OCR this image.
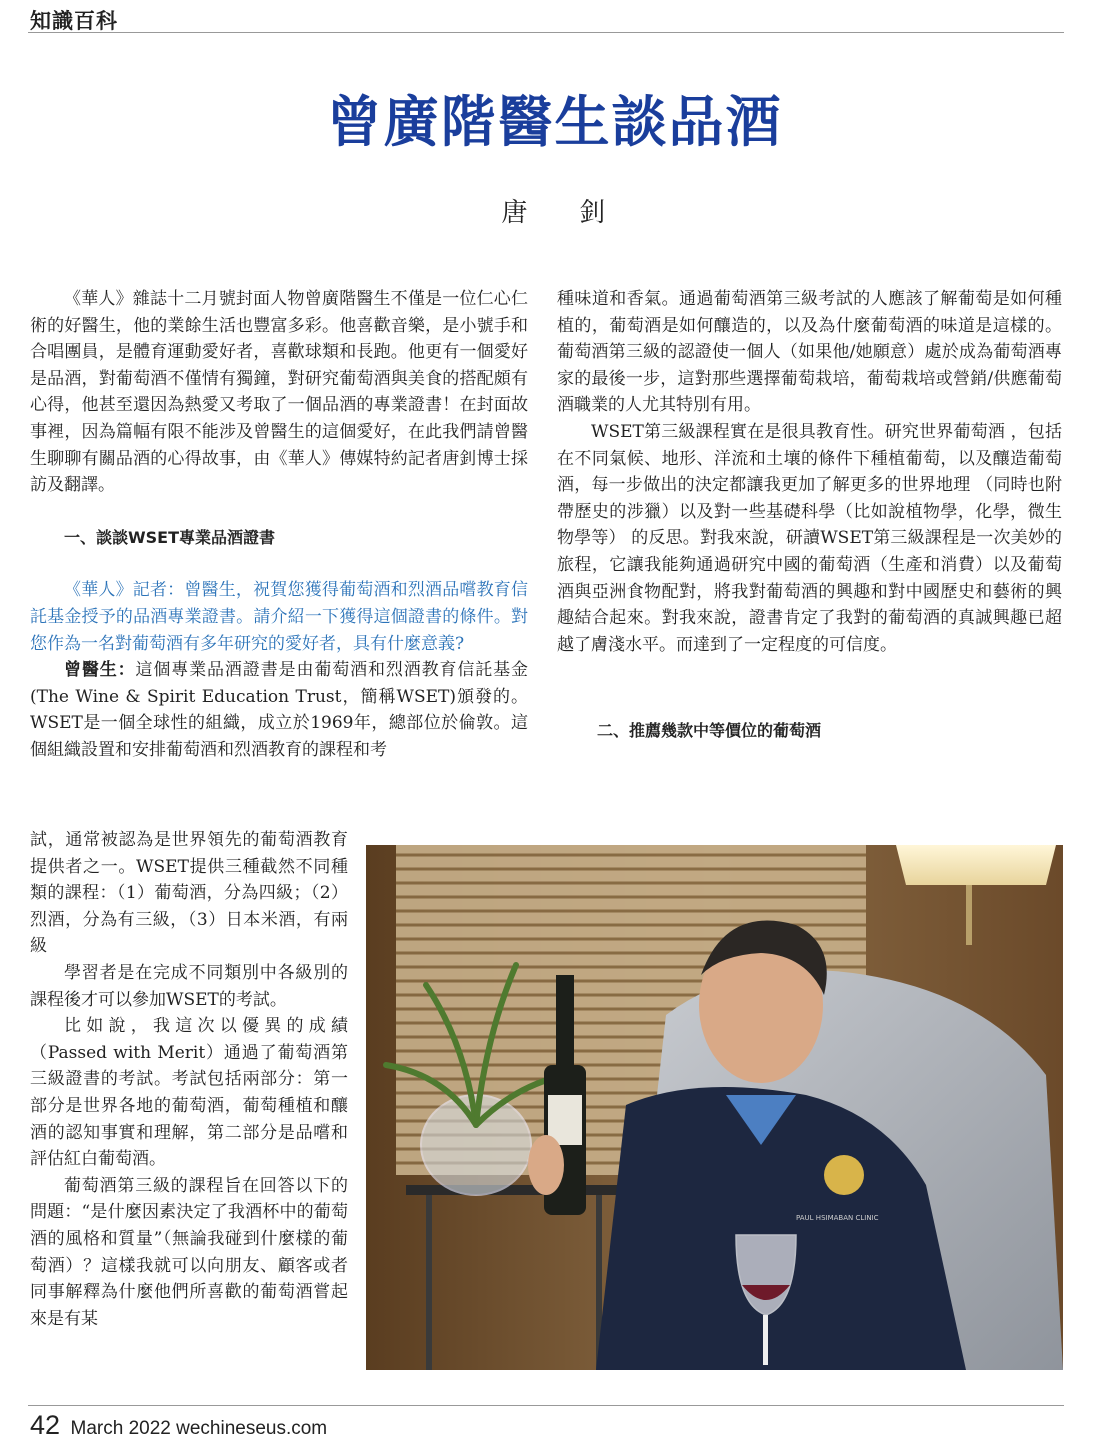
知識百科
曾廣階醫生談品酒
唐 釗

《華人》雜誌十二月號封面人物曾廣階醫生不僅是一位仁心仁術的好醫生，他的業餘生活也豐富多彩。他喜歡音樂，是小號手和合唱團員，是體育運動愛好者，喜歡球類和長跑。他更有一個愛好是品酒，對葡萄酒不僅情有獨鐘，對研究葡萄酒與美食的搭配頗有心得，他甚至還因為熱愛又考取了一個品酒的專業證書！在封面故事裡，因為篇幅有限不能涉及曾醫生的這個愛好，在此我們請曾醫生聊聊有關品酒的心得故事，由《華人》傳媒特約記者唐釗博士採訪及翻譯。

一、談談WSET專業品酒證書

《華人》記者：曾醫生，祝賀您獲得葡萄酒和烈酒品嚐教育信託基金授予的品酒專業證書。請介紹一下獲得這個證書的條件。對您作為一名對葡萄酒有多年研究的愛好者，具有什麼意義?

曾醫生：這個專業品酒證書是由葡萄酒和烈酒教育信託基金(The Wine & Spirit Education Trust，簡稱WSET)頒發的。WSET是一個全球性的組織，成立於1969年，總部位於倫敦。這個組織設置和安排葡萄酒和烈酒教育的課程和考

試，通常被認為是世界領先的葡萄酒教育提供者之一。WSET提供三種截然不同種類的課程：（1）葡萄酒，分為四級；（2）烈酒，分為有三級，（3）日本米酒，有兩級

學習者是在完成不同類別中各級別的課程後才可以參加WSET的考試。

比如說，我這次以優異的成績（Passed with Merit）通過了葡萄酒第三級證書的考試。考試包括兩部分：第一部分是世界各地的葡萄酒，葡萄種植和釀酒的認知事實和理解，第二部分是品嚐和評估紅白葡萄酒。

葡萄酒第三級的課程旨在回答以下的問題：“是什麼因素決定了我酒杯中的葡萄酒的風格和質量”（無論我碰到什麼樣的葡萄酒）？這樣我就可以向朋友、顧客或者同事解釋為什麼他們所喜歡的葡萄酒嘗起來是有某

種味道和香氣。通過葡萄酒第三級考試的人應該了解葡萄是如何種植的，葡萄酒是如何釀造的，以及為什麼葡萄酒的味道是這樣的。葡萄酒第三級的認證使一個人（如果他/她願意）處於成為葡萄酒專家的最後一步，這對那些選擇葡萄栽培，葡萄栽培或營銷/供應葡萄酒職業的人尤其特別有用。

WSET第三級課程實在是很具教育性。研究世界葡萄酒 ，包括在不同氣候、地形、洋流和土壤的條件下種植葡萄，以及釀造葡萄酒，每一步做出的決定都讓我更加了解更多的世界地理 （同時也附帶歷史的涉獵）以及對一些基礎科學（比如說植物學，化學，微生物學等） 的反思。對我來說，研讀WSET第三級課程是一次美妙的旅程，它讓我能夠通過研究中國的葡萄酒（生產和消費）以及葡萄酒與亞洲食物配對，將我對葡萄酒的興趣和對中國歷史和藝術的興趣結合起來。對我來說，證書肯定了我對的葡萄酒的真誠興趣已超越了膚淺水平。而達到了一定程度的可信度。

二、推薦幾款中等價位的葡萄酒

PAUL HSIMABAN CLINIC
42 March 2022 wechineseus.com
